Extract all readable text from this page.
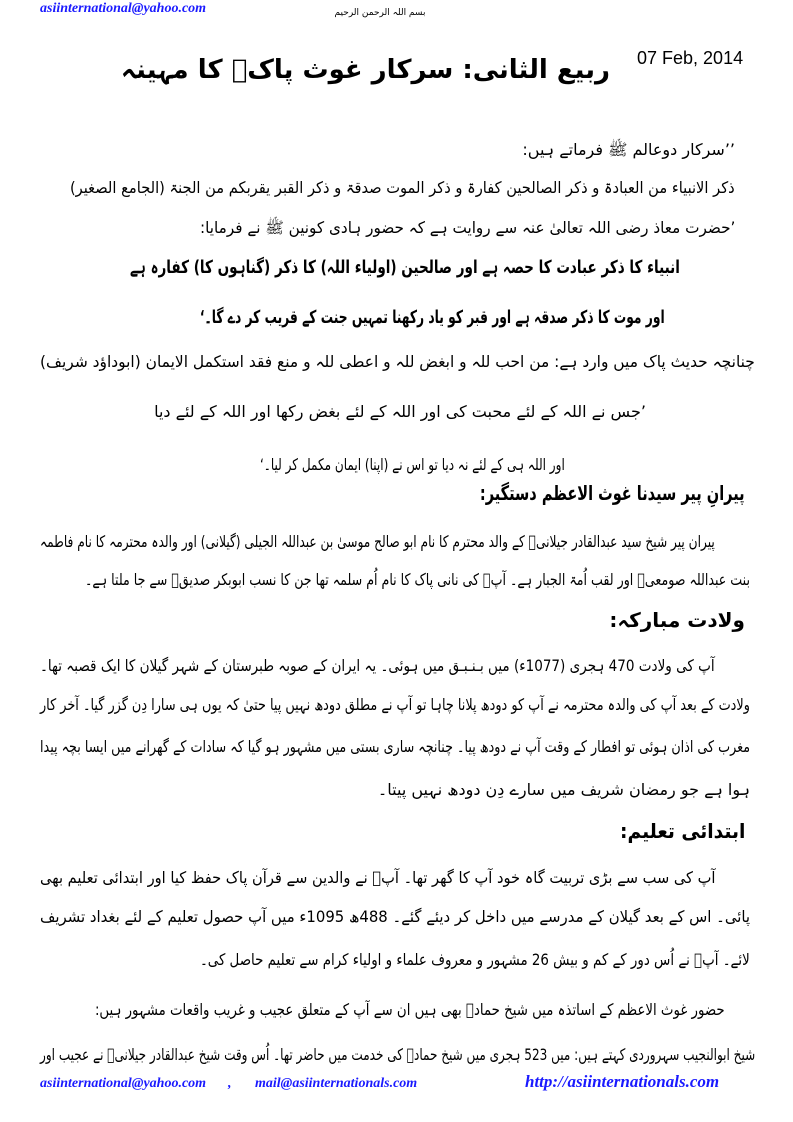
asiinternational@yahoo.com	بسم اللہ الرحمن الرحیم
ربیع الثانی: سرکار غوث پاکؓ کا مہینہ 07 Feb, 2014
’’سرکار دوعالم ﷺ فرماتے ہیں:
ذکر الانبیاء من العبادۃ و ذکر الصالحین کفارۃ و ذکر الموت صدقۃ و ذکر القبر یقربکم من الجنۃ (الجامع الصغیر)
’حضرت معاذ رضی اللہ تعالیٰ عنہ سے روایت ہے کہ حضور ہادی کونین ﷺ نے فرمایا:
انبیاء کا ذکر عبادت کا حصہ ہے اور صالحین (اولیاء اللہ) کا ذکر (گناہوں کا) کفارہ ہے
اور موت کا ذکر صدقہ ہے اور قبر کو یاد رکھنا تمہیں جنت کے قریب کر دے گا۔‘
چنانچہ حدیث پاک میں وارد ہے: من احب للہ و ابغض للہ و اعطی للہ و منع فقد استکمل الایمان (ابوداؤد شریف)
’جس نے اللہ کے لئے محبت کی اور اللہ کے لئے بغض رکھا اور اللہ کے لئے دیا
اور اللہ ہی کے لئے نہ دیا تو اس نے (اپنا) ایمان مکمل کر لیا۔‘
پیرانِ پیر سیدنا غوث الاعظم دستگیر:
پیران پیر شیخ سید عبدالقادر جیلانیؓ کے والد محترم کا نام ابو صالح موسیٰ بن عبداللہ الجیلی (گیلانی) اور والدہ محترمہ کا نام فاطمہ
بنت عبداللہ صومعیؒ اور لقب اُمۃ الجبار ہے۔ آپؓ کی نانی پاک کا نام اُم سلمہ تھا جن کا نسب ابوبکر صدیقؓ سے جا ملتا ہے۔
ولادت مبارکہ:
آپ کی ولادت 470 ہجری (1077ء) میں بـنـبـق میں ہوئی۔ یہ ایران کے صوبہ طبرستان کے شہر گیلان کا ایک قصبہ تھا۔
ولادت کے بعد آپ کی والدہ محترمہ نے آپ کو دودھ پلانا چاہا تو آپ نے مطلق دودھ نہیں پیا حتیٰ کہ یوں ہی سارا دِن گزر گیا۔ آخر کار
مغرب کی اذان ہوئی تو افطار کے وقت آپ نے دودھ پیا۔ چنانچہ ساری بستی میں مشہور ہو گیا کہ سادات کے گھرانے میں ایسا بچہ پیدا
ہوا ہے جو رمضان شریف میں سارے دِن دودھ نہیں پیتا۔
ابتدائی تعلیم:
آپ کی سب سے بڑی تربیت گاہ خود آپ کا گھر تھا۔ آپؒ نے والدین سے قرآن پاک حفظ کیا اور ابتدائی تعلیم بھی
پائی۔ اس کے بعد گیلان کے مدرسے میں داخل کر دیئے گئے۔ 488ھ 1095ء میں آپ حصول تعلیم کے لئے بغداد تشریف
لائے۔ آپؒ نے اُس دور کے کم و بیش 26 مشہور و معروف علماء و اولیاء کرام سے تعلیم حاصل کی۔
حضور غوث الاعظم کے اساتذہ میں شیخ حمادؒ بھی ہیں ان سے آپ کے متعلق عجیب و غریب واقعات مشہور ہیں:
شیخ ابوالنجیب سہروردی کہتے ہیں: میں 523 ہجری میں شیخ حمادؒ کی خدمت میں حاضر تھا۔ اُس وقت شیخ عبدالقادر جیلانیؓ نے عجیب اور
asiinternational@yahoo.com , mail@asiinternationals.com	http://asiinternationals.com
